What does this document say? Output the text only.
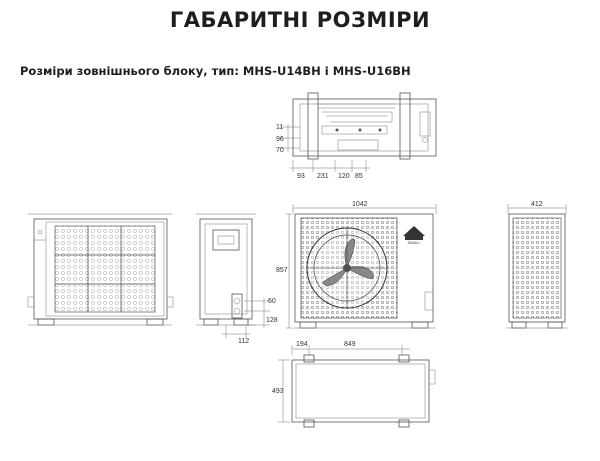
ГАБАРИТНІ РОЗМІРИ
Розміри зовнішнього блоку, тип: MHS-U14BH і MHS-U16BH
11
96
70
93 231 120 85
60
128
112
1042
SMALL
857
412
194	849
493
